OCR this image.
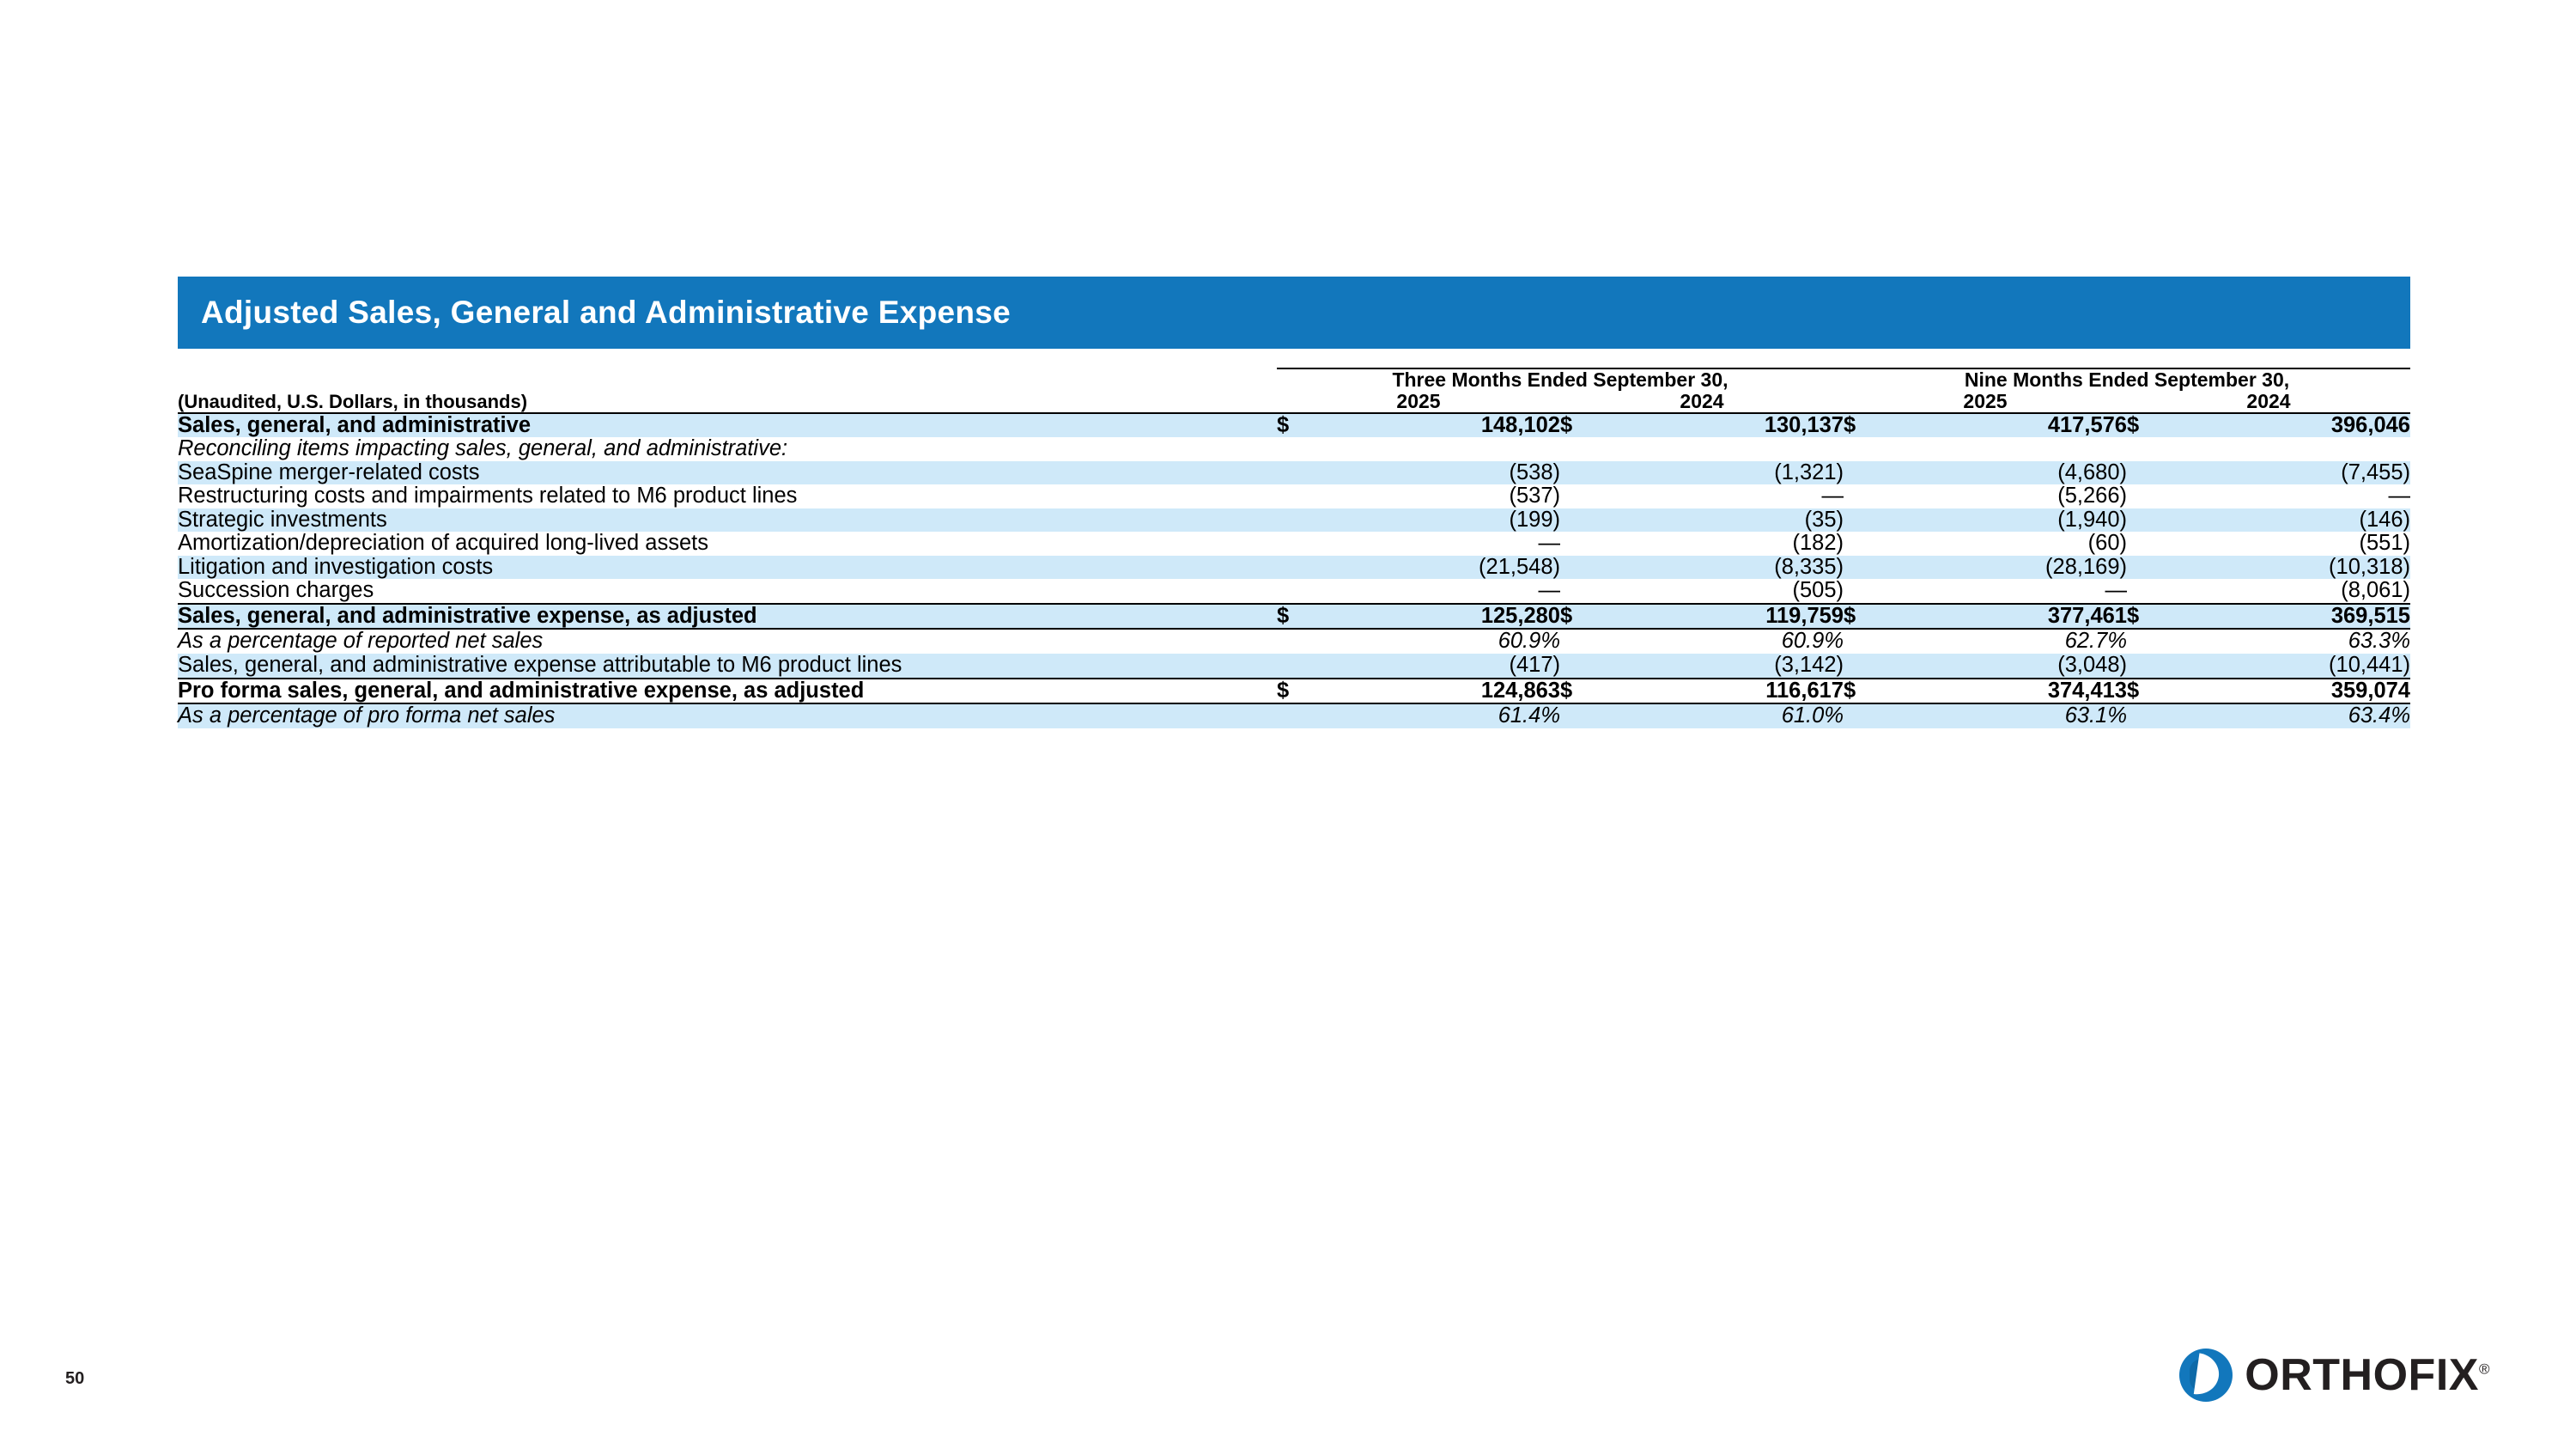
Adjusted Sales, General and Administrative Expense

	Three Months Ended September 30,				Nine Months Ended September 30,			
(Unaudited, U.S. Dollars, in thousands)	2025		2024		2025		2024	
Sales, general, and administrative	$	148,102	$	130,137	$	417,576	$	396,046
Reconciling items impacting sales, general, and administrative:								
SeaSpine merger-related costs		(538)		(1,321)		(4,680)		(7,455)
Restructuring costs and impairments related to M6 product lines		(537)		—		(5,266)		—
Strategic investments		(199)		(35)		(1,940)		(146)
Amortization/depreciation of acquired long-lived assets		—		(182)		(60)		(551)
Litigation and investigation costs		(21,548)		(8,335)		(28,169)		(10,318)
Succession charges		—		(505)		—		(8,061)
Sales, general, and administrative expense, as adjusted	$	125,280	$	119,759	$	377,461	$	369,515
As a percentage of reported net sales		60.9%		60.9%		62.7%		63.3%
Sales, general, and administrative expense attributable to M6 product lines		(417)		(3,142)		(3,048)		(10,441)
Pro forma sales, general, and administrative expense, as adjusted	$	124,863	$	116,617	$	374,413	$	359,074
As a percentage of pro forma net sales		61.4%		61.0%		63.1%		63.4%
50	ORTHOFIX®
